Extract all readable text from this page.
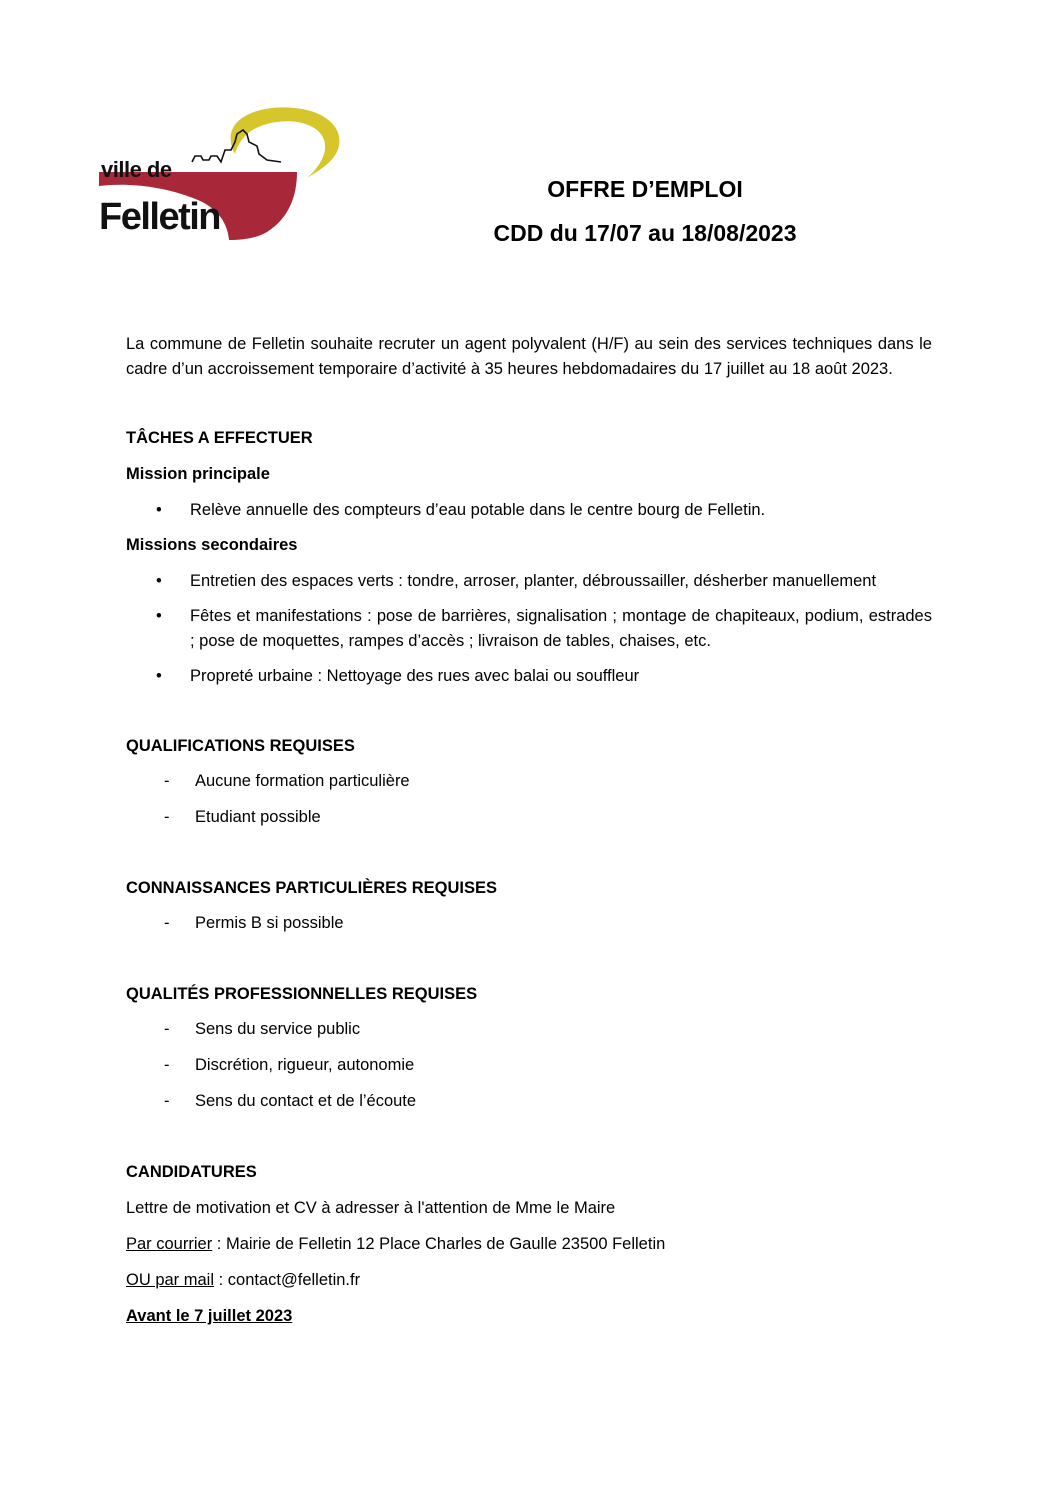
ville de
Felletin
OFFRE D’EMPLOI
CDD du 17/07 au 18/08/2023

La commune de Felletin souhaite recruter un agent polyvalent (H/F) au sein des services techniques dans le cadre d’un accroissement temporaire d’activité à 35 heures hebdomadaires du 17 juillet au 18 août 2023.

TÂCHES A EFFECTUER

Mission principale

• Relève annuelle des compteurs d’eau potable dans le centre bourg de Felletin.

Missions secondaires

• Entretien des espaces verts : tondre, arroser, planter, débroussailler, désherber manuellement
• Fêtes et manifestations : pose de barrières, signalisation ; montage de chapiteaux, podium, estrades ; pose de moquettes, rampes d’accès ; livraison de tables, chaises, etc.
• Propreté urbaine : Nettoyage des rues avec balai ou souffleur

QUALIFICATIONS REQUISES

- Aucune formation particulière
- Etudiant possible

CONNAISSANCES PARTICULIÈRES REQUISES

- Permis B si possible

QUALITÉS PROFESSIONNELLES REQUISES

- Sens du service public
- Discrétion, rigueur, autonomie
- Sens du contact et de l’écoute

CANDIDATURES

Lettre de motivation et CV à adresser à l'attention de Mme le Maire

Par courrier : Mairie de Felletin 12 Place Charles de Gaulle 23500 Felletin

OU par mail : contact@felletin.fr

Avant le 7 juillet 2023
